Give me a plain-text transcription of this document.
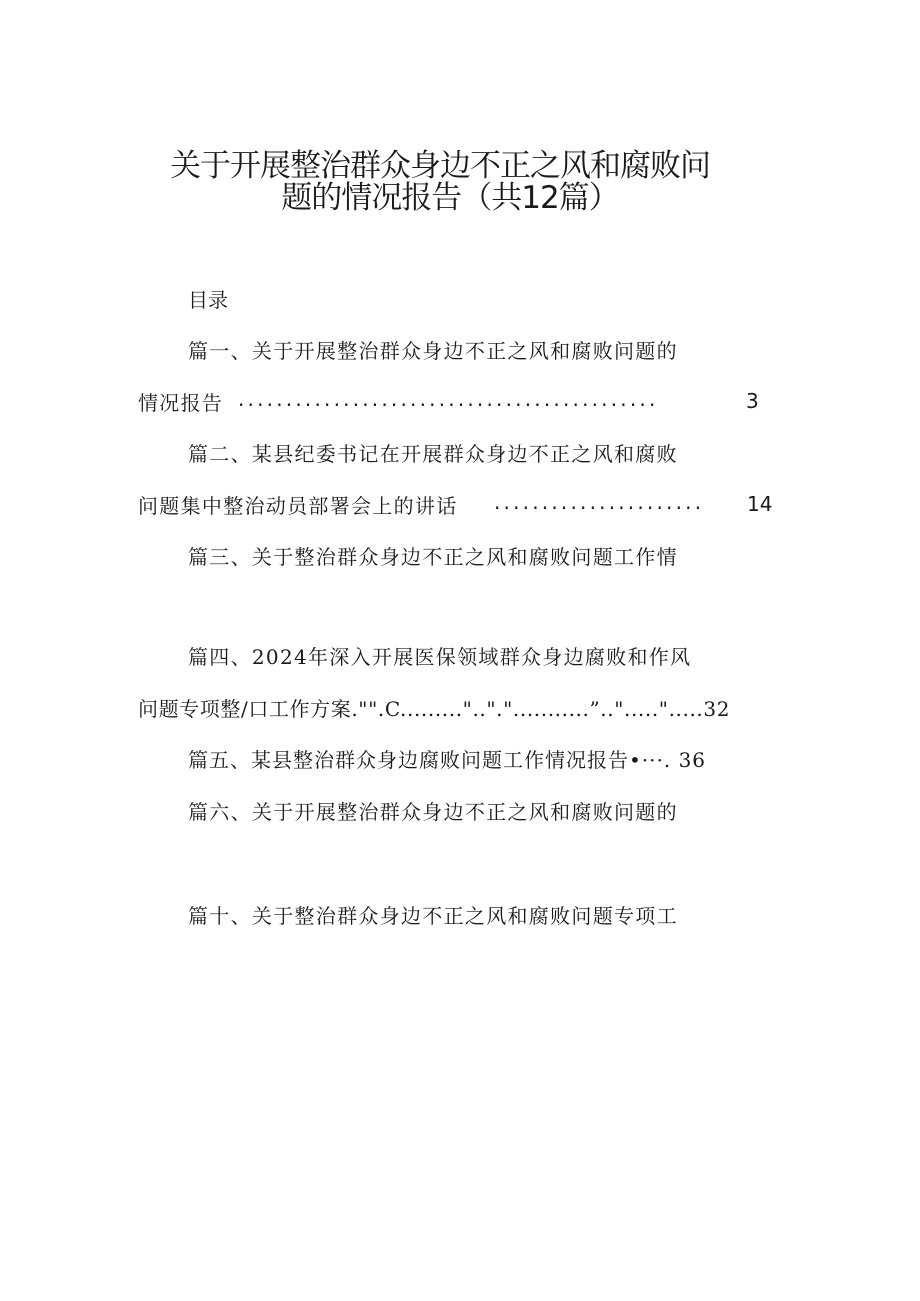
关于开展整治群众身边不正之风和腐败问
题的情况报告（共12篇）
目录
篇一、关于开展整治群众身边不正之风和腐败问题的
情况报告 ............................................	3
篇二、某县纪委书记在开展群众身边不正之风和腐败
问题集中整治动员部署会上的讲话 ...................... 14
篇三、关于整治群众身边不正之风和腐败问题工作情
篇四、2024年深入开展医保领域群众身边腐败和作风
问题专项整/口工作方案."".C.........".."."...........”..".....".....32
篇五、某县整治群众身边腐败问题工作情况报告•···. 36
篇六、关于开展整治群众身边不正之风和腐败问题的
篇十、关于整治群众身边不正之风和腐败问题专项工
